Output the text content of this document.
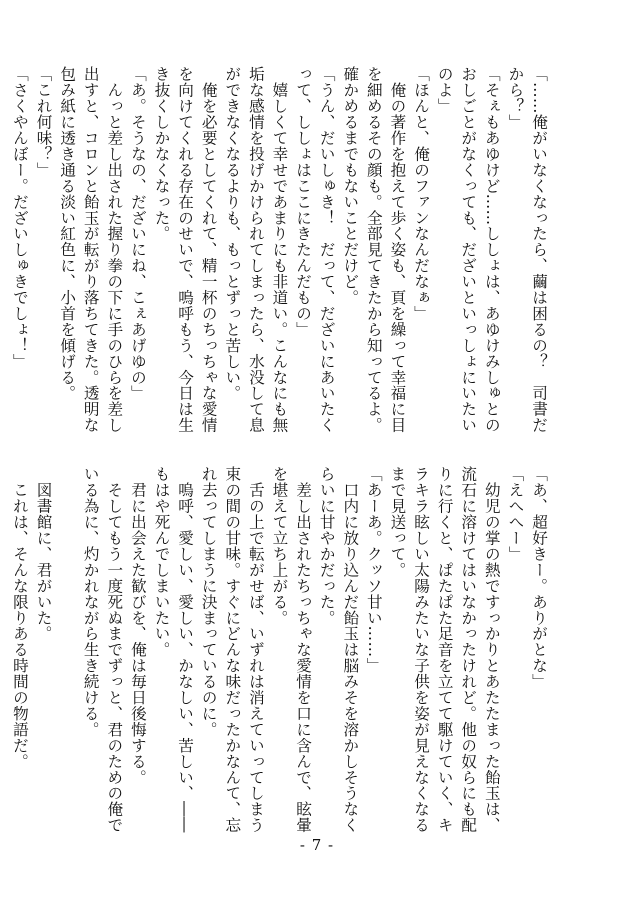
「……俺がいなくなったら、繭は困るの？　司書だ
から？」
「そぇもあゆけど……ししょは、あゆけみしゅとの
おしごとがなくっても、だざいといっしょにいたい
のよ」
「ほんと、俺のファンなんだなぁ」
　俺の著作を抱えて歩く姿も、頁を繰って幸福に目
を細めるその顔も。全部見てきたから知ってるよ。
確かめるまでもないことだけど。
「うん、だいしゅき！　だって、だざいにあいたく
って、ししょはここにきたんだもの」
　嬉しくて幸せであまりにも非道い。こんなにも無
垢な感情を投げかけられてしまったら、水没して息
ができなくなるよりも、もっとずっと苦しい。
　俺を必要としてくれて、精一杯のちっちゃな愛情
を向けてくれる存在のせいで、嗚呼もう、今日は生
き抜くしかなくなった。
「あ。そうなの、だざいにね、こぇあげゆの」
　んっと差し出された握り拳の下に手のひらを差し
出すと、コロンと飴玉が転がり落ちてきた。透明な
包み紙に透き通る淡い紅色に、小首を傾げる。
「これ何味？」
「さくやんぼー。だざいしゅきでしょ！」
「あ、超好きー。ありがとな」
「えへへー」
　幼児の掌の熱ですっかりとあたたまった飴玉は、
流石に溶けてはいなかったけれど。他の奴らにも配
りに行くと、ぱたぱた足音を立てて駆けていく、キ
ラキラ眩しい太陽みたいな子供を姿が見えなくなる
まで見送って。
「あーあ。クッソ甘い……」
　口内に放り込んだ飴玉は脳みそを溶かしそうなく
らいに甘やかだった。
　差し出されたちっちゃな愛情を口に含んで、眩暈
を堪えて立ち上がる。
　舌の上で転がせば、いずれは消えていってしまう
束の間の甘味。すぐにどんな味だったかなんて、忘
れ去ってしまうに決まっているのに。
　嗚呼、愛しい、愛しい、かなしい、苦しい、――
もはや死んでしまいたい。
　君に出会えた歓びを、俺は毎日後悔する。
　そしてもう一度死ぬまでずっと、君のための俺で
いる為に、灼かれながら生き続ける。

　図書館に、君がいた。
　これは、そんな限りある時間の物語だ。
- 7 -
